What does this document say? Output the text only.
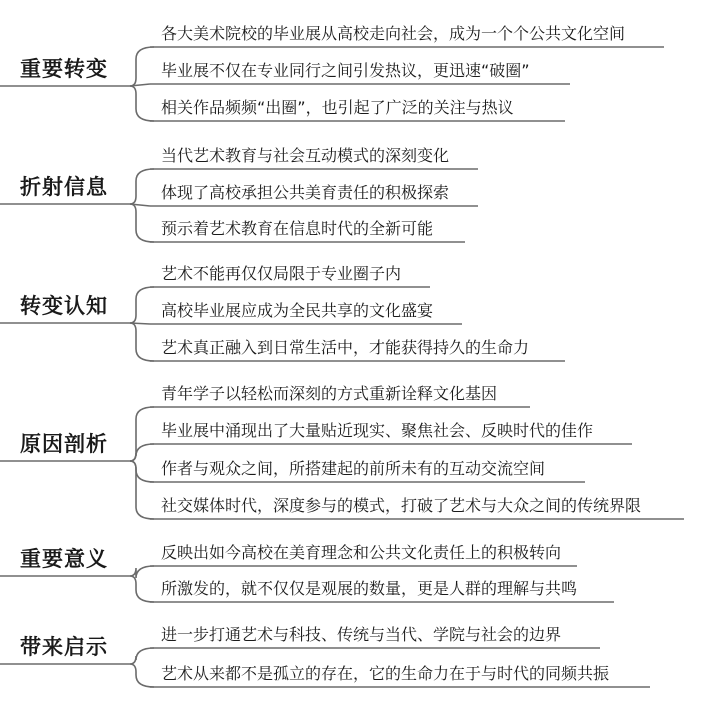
重要转变
各大美术院校的毕业展从高校走向社会，成为一个个公共文化空间
毕业展不仅在专业同行之间引发热议，更迅速“破圈”
相关作品频频“出圈”，也引起了广泛的关注与热议
折射信息
当代艺术教育与社会互动模式的深刻变化
体现了高校承担公共美育责任的积极探索
预示着艺术教育在信息时代的全新可能
转变认知
艺术不能再仅仅局限于专业圈子内
高校毕业展应成为全民共享的文化盛宴
艺术真正融入到日常生活中，才能获得持久的生命力
原因剖析
青年学子以轻松而深刻的方式重新诠释文化基因
毕业展中涌现出了大量贴近现实、聚焦社会、反映时代的佳作
作者与观众之间，所搭建起的前所未有的互动交流空间
社交媒体时代，深度参与的模式，打破了艺术与大众之间的传统界限
重要意义	反映出如今高校在美育理念和公共文化责任上的积极转向
所激发的，就不仅仅是观展的数量，更是人群的理解与共鸣
带来启示
进一步打通艺术与科技、传统与当代、学院与社会的边界
艺术从来都不是孤立的存在，它的生命力在于与时代的同频共振
